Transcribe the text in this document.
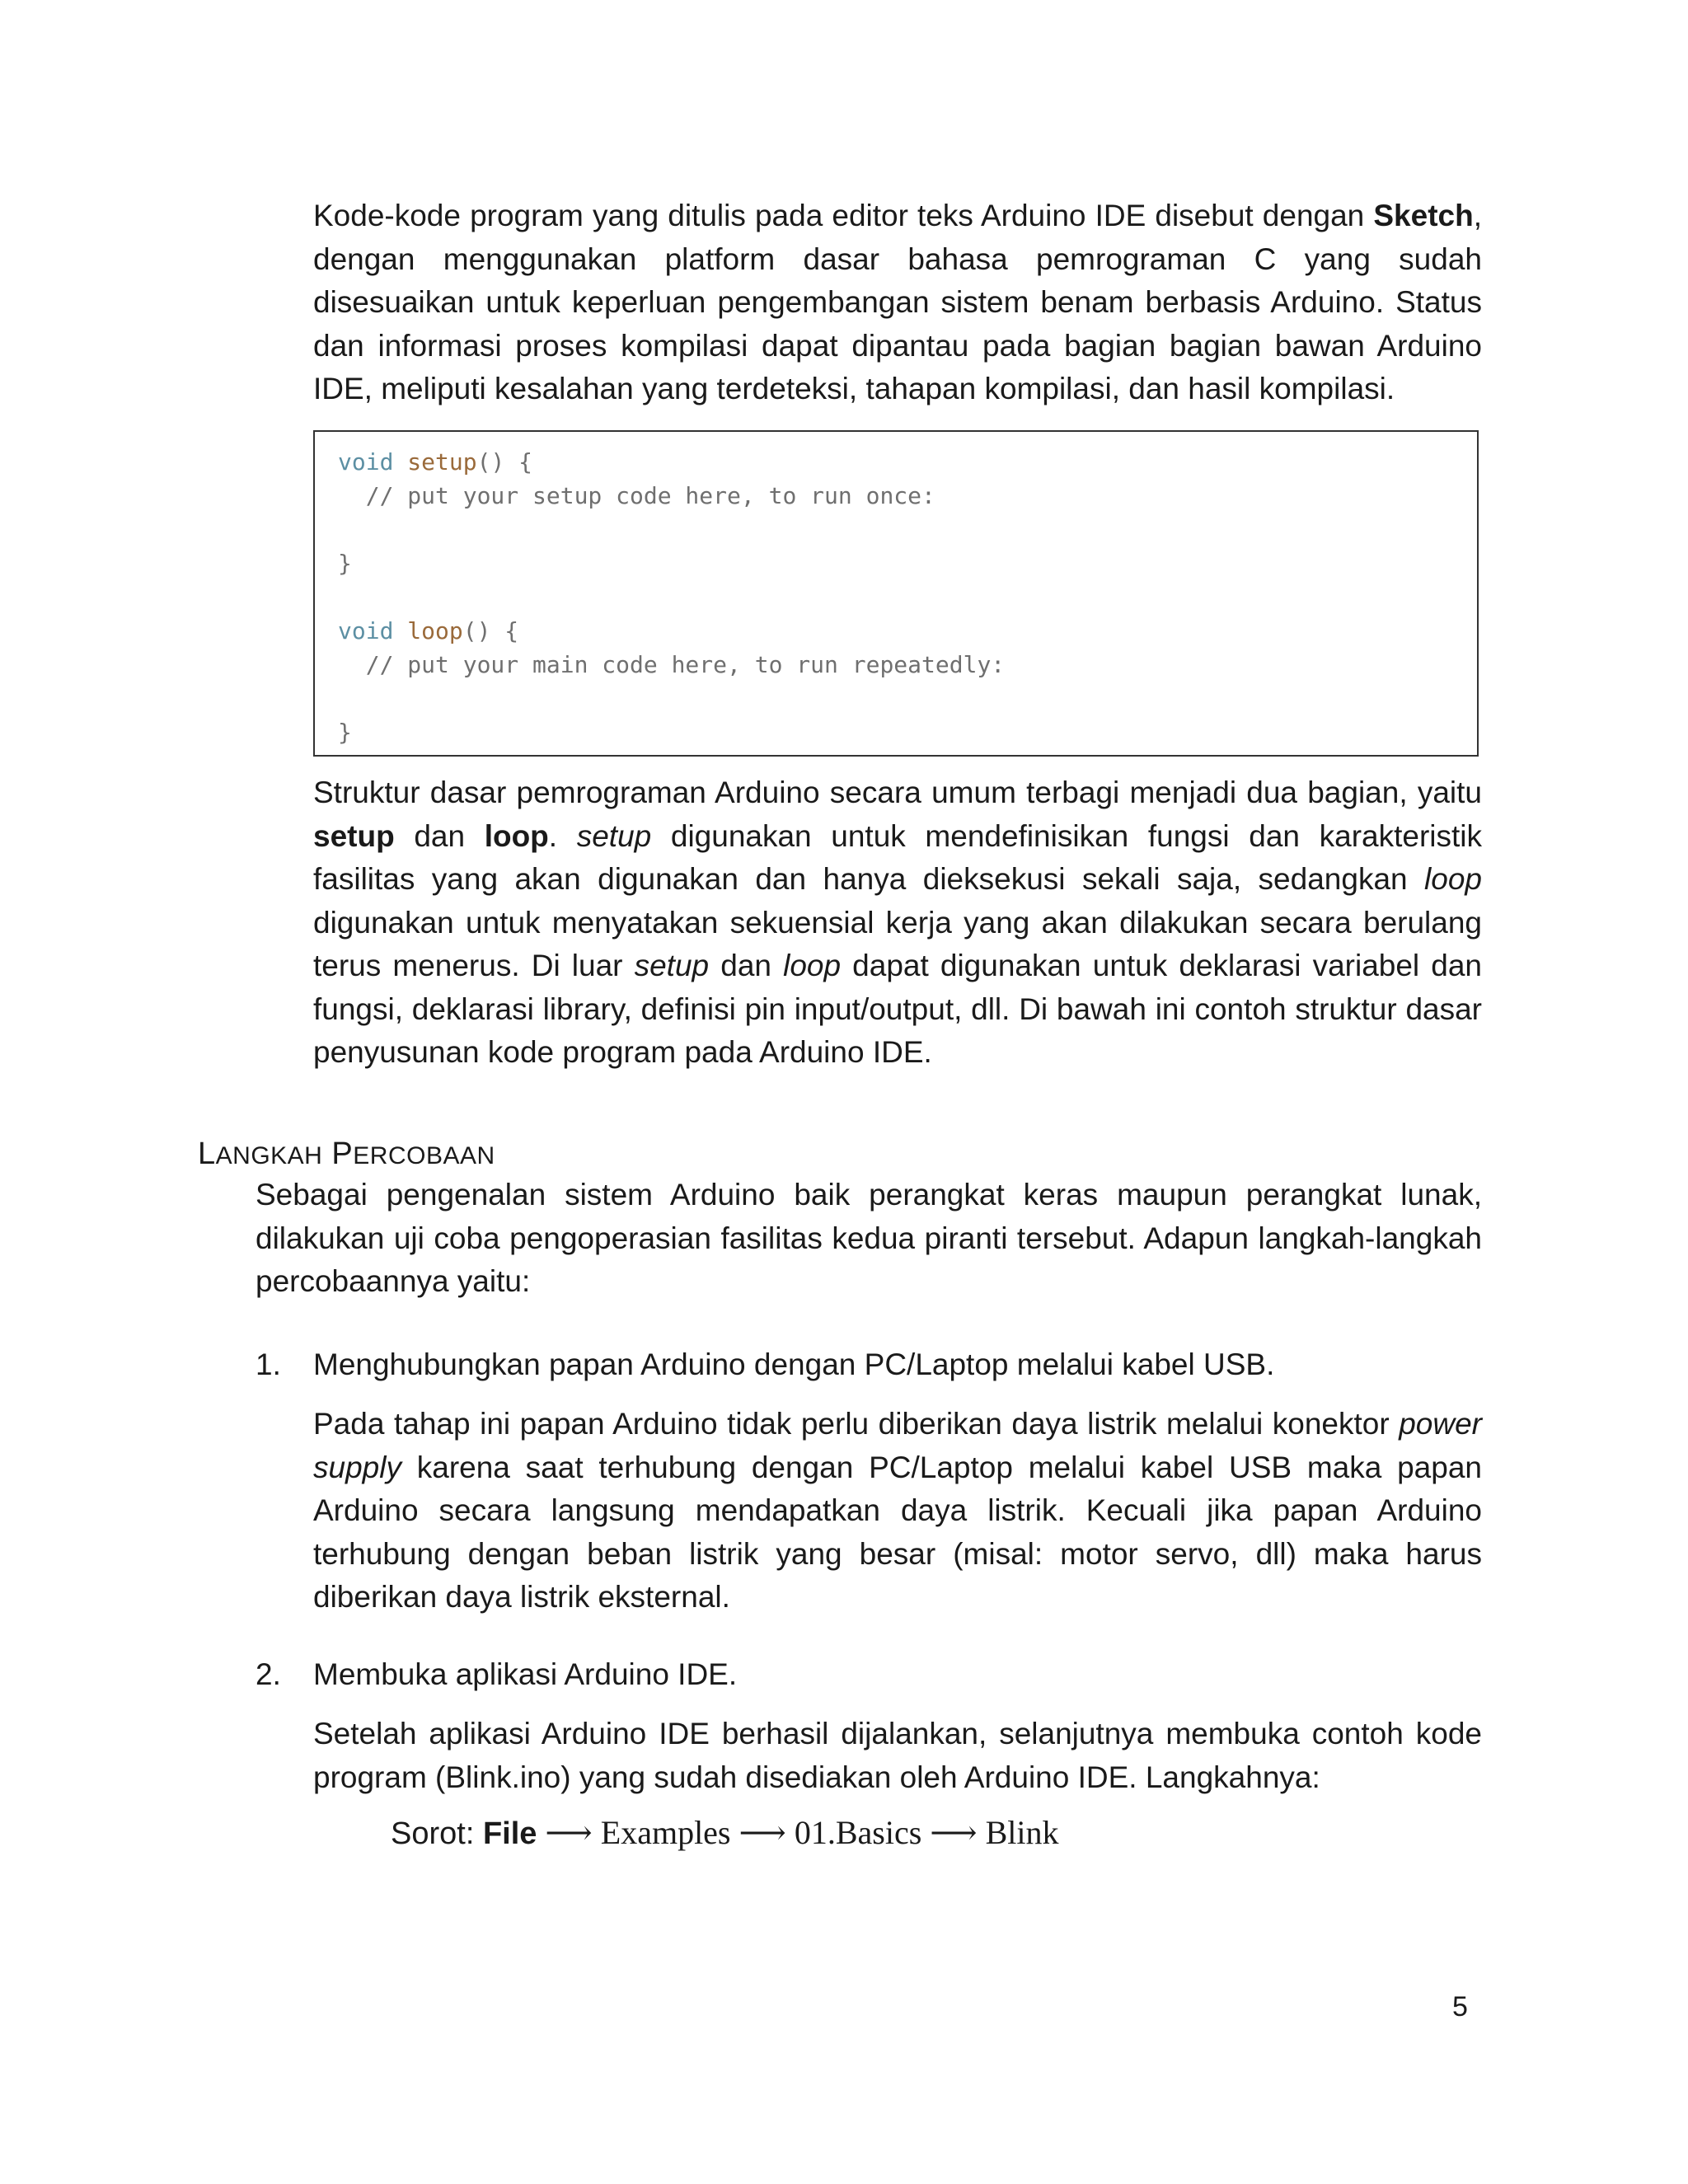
Kode-kode program yang ditulis pada editor teks Arduino IDE disebut dengan Sketch, dengan menggunakan platform dasar bahasa pemrograman C yang sudah disesuaikan untuk keperluan pengembangan sistem benam berbasis Arduino. Status dan informasi proses kompilasi dapat dipantau pada bagian bagian bawan Arduino IDE, meliputi kesalahan yang terdeteksi, tahapan kompilasi, dan hasil kompilasi.

void setup() {
// put your setup code here, to run once:
}
void loop() {
// put your main code here, to run repeatedly:
}

Struktur dasar pemrograman Arduino secara umum terbagi menjadi dua bagian, yaitu setup dan loop. setup digunakan untuk mendefinisikan fungsi dan karakteristik fasilitas yang akan digunakan dan hanya dieksekusi sekali saja, sedangkan loop digunakan untuk menyatakan sekuensial kerja yang akan dilakukan secara berulang terus menerus. Di luar setup dan loop dapat digunakan untuk deklarasi variabel dan fungsi, deklarasi library, definisi pin input/output, dll. Di bawah ini contoh struktur dasar penyusunan kode program pada Arduino IDE.

LANGKAH PERCOBAAN

Sebagai pengenalan sistem Arduino baik perangkat keras maupun perangkat lunak, dilakukan uji coba pengoperasian fasilitas kedua piranti tersebut. Adapun langkah-langkah percobaannya yaitu:

1. Menghubungkan papan Arduino dengan PC/Laptop melalui kabel USB.

Pada tahap ini papan Arduino tidak perlu diberikan daya listrik melalui konektor power supply karena saat terhubung dengan PC/Laptop melalui kabel USB maka papan Arduino secara langsung mendapatkan daya listrik. Kecuali jika papan Arduino terhubung dengan beban listrik yang besar (misal: motor servo, dll) maka harus diberikan daya listrik eksternal.

2. Membuka aplikasi Arduino IDE.

Setelah aplikasi Arduino IDE berhasil dijalankan, selanjutnya membuka contoh kode program (Blink.ino) yang sudah disediakan oleh Arduino IDE. Langkahnya:

Sorot: File ⟶ Examples ⟶ 01.Basics ⟶ Blink
5
